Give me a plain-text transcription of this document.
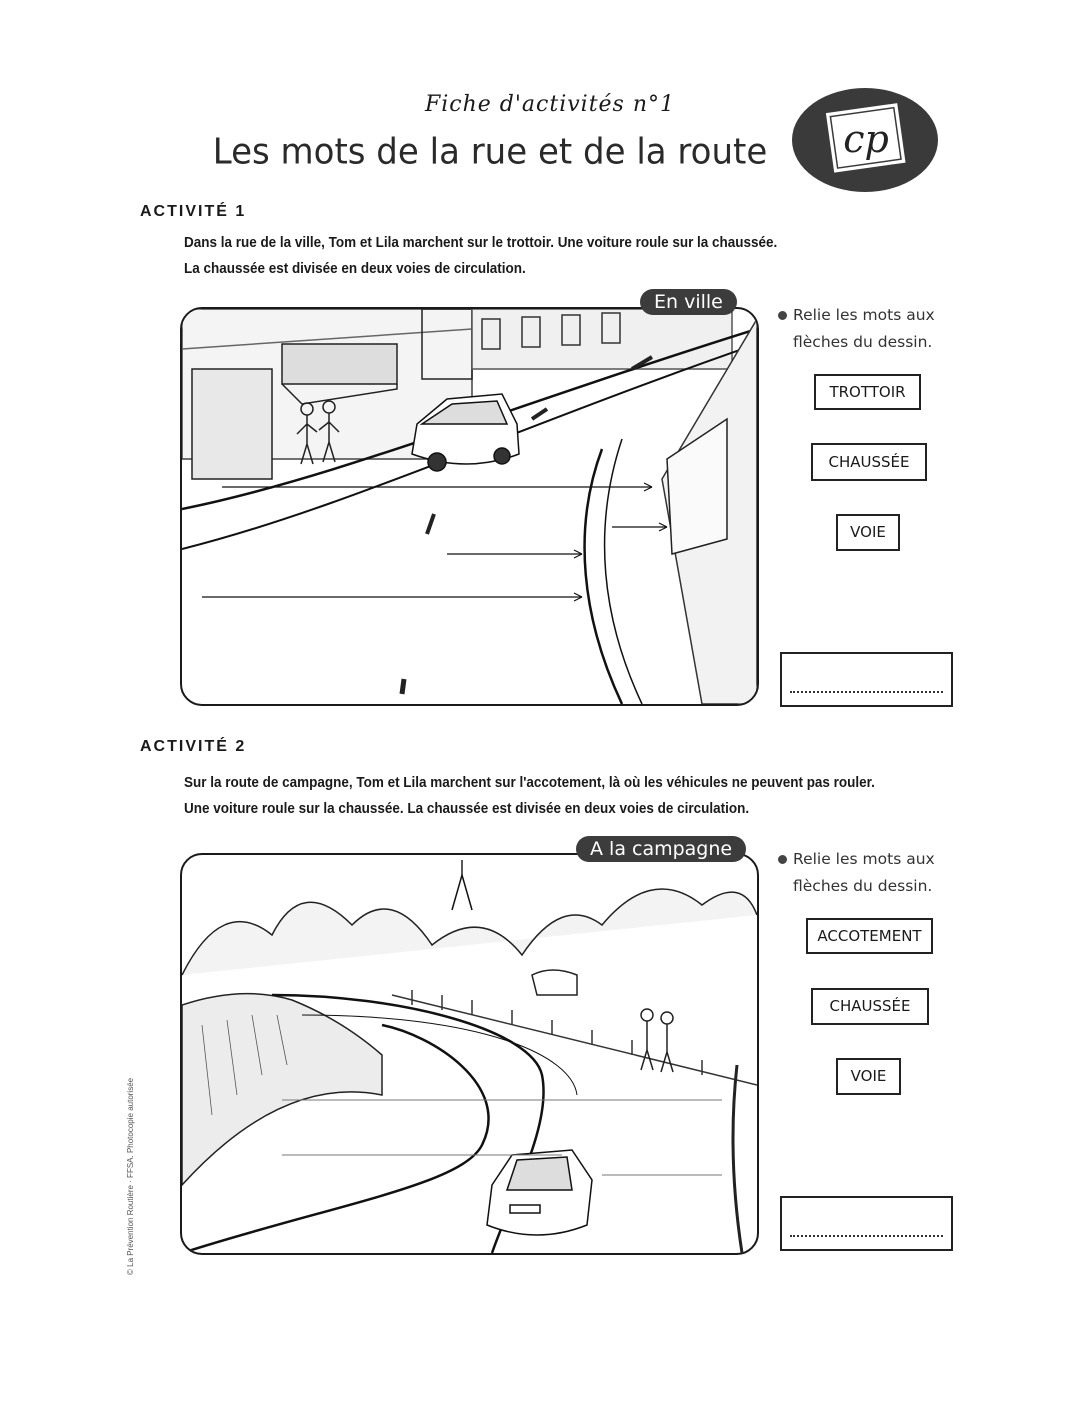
Fiche d'activités n°1
Les mots de la rue et de la route	cp
ACTIVITÉ 1
Dans la rue de la ville, Tom et Lila marchent sur le trottoir. Une voiture roule sur la chaussée.
La chaussée est divisée en deux voies de circulation.
En ville
Relie les mots aux
flèches du dessin.
TROTTOIR
CHAUSSÉE
VOIE
ACTIVITÉ 2
Sur la route de campagne, Tom et Lila marchent sur l'accotement, là où les véhicules ne peuvent pas rouler.
Une voiture roule sur la chaussée. La chaussée est divisée en deux voies de circulation.
A la campagne	Relie les mots aux
flèches du dessin.
ACCOTEMENT
CHAUSSÉE
VOIE
© La Prévention Routière · FFSA. Photocopie autorisée
